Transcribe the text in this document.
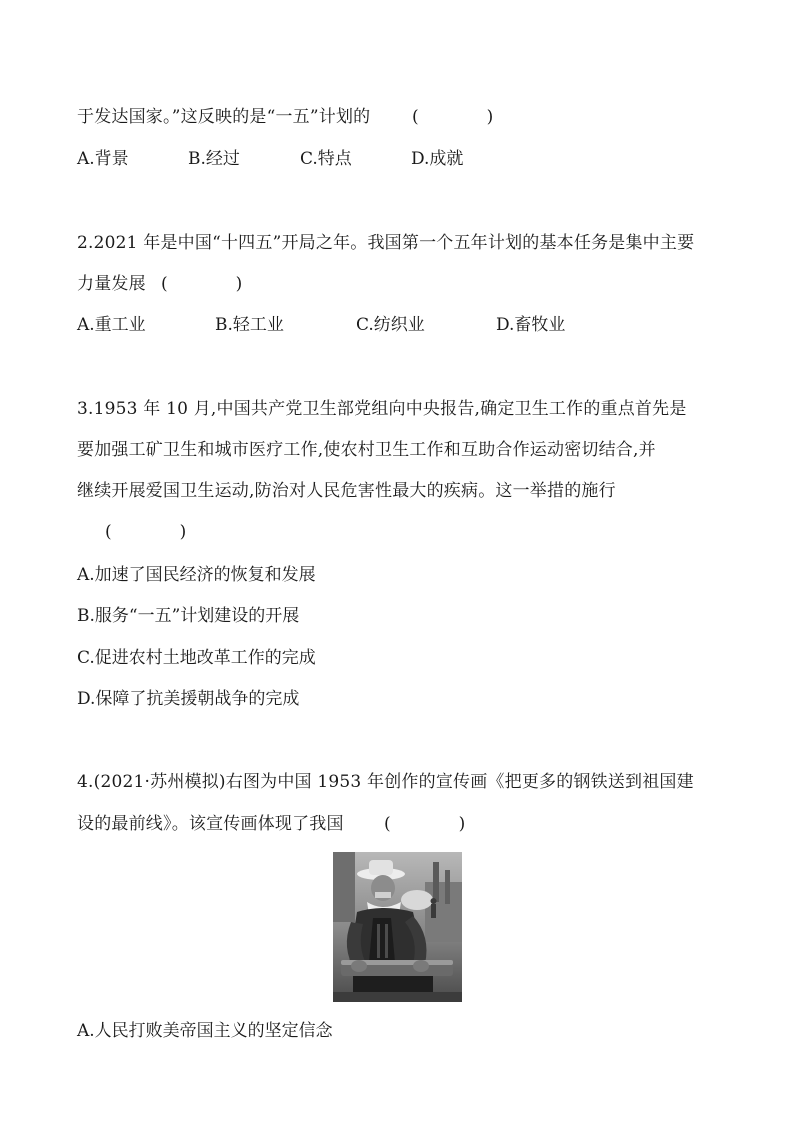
于发达国家。”这反映的是“一五”计划的 (　　　　)
A.背景	B.经过	C.特点	D.成就
2.2021 年是中国“十四五”开局之年。我国第一个五年计划的基本任务是集中主要
力量发展 (　　　　)
A.重工业	B.轻工业	C.纺织业	D.畜牧业
3.1953 年 10 月,中国共产党卫生部党组向中央报告,确定卫生工作的重点首先是
要加强工矿卫生和城市医疗工作,使农村卫生工作和互助合作运动密切结合,并
继续开展爱国卫生运动,防治对人民危害性最大的疾病。这一举措的施行
(　　　　)
A.加速了国民经济的恢复和发展
B.服务“一五”计划建设的开展
C.促进农村土地改革工作的完成
D.保障了抗美援朝战争的完成
4.(2021·苏州模拟)右图为中国 1953 年创作的宣传画《把更多的钢铁送到祖国建
设的最前线》。该宣传画体现了我国 (　　　　)
A.人民打败美帝国主义的坚定信念
